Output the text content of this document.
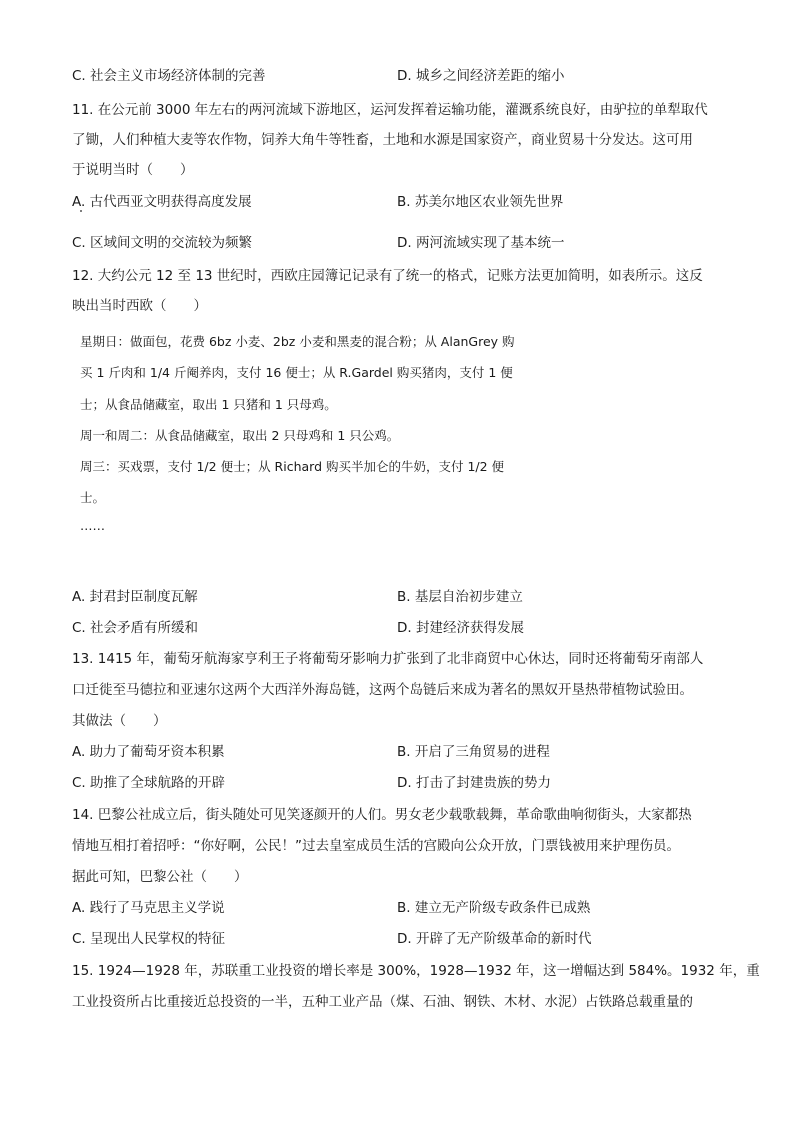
C. 社会主义市场经济体制的完善	D. 城乡之间经济差距的缩小
11. 在公元前 3000 年左右的两河流域下游地区，运河发挥着运输功能，灌溉系统良好，由驴拉的单犁取代
了锄，人们种植大麦等农作物，饲养大角牛等牲畜，土地和水源是国家资产，商业贸易十分发达。这可用
于说明当时（　　）
A. 古代西亚文明获得高度发展	B. 苏美尔地区农业领先世界
C. 区域间文明的交流较为频繁	D. 两河流域实现了基本统一
12. 大约公元 12 至 13 世纪时，西欧庄园簿记记录有了统一的格式，记账方法更加简明，如表所示。这反
映出当时西欧（　　）
星期日：做面包，花费 6bz 小麦、2bz 小麦和黑麦的混合粉；从 AlanGrey 购
买 1 斤肉和 1/4 斤阉养肉，支付 16 便士；从 R.Gardel 购买猪肉，支付 1 便
士；从食品储藏室，取出 1 只猪和 1 只母鸡。
周一和周二：从食品储藏室，取出 2 只母鸡和 1 只公鸡。
周三：买戏票，支付 1/2 便士；从 Richard 购买半加仑的牛奶，支付 1/2 便
士。
……
A. 封君封臣制度瓦解	B. 基层自治初步建立
C. 社会矛盾有所缓和	D. 封建经济获得发展
13. 1415 年，葡萄牙航海家亨利王子将葡萄牙影响力扩张到了北非商贸中心休达，同时还将葡萄牙南部人
口迁徙至马德拉和亚速尔这两个大西洋外海岛链，这两个岛链后来成为著名的黑奴开垦热带植物试验田。
其做法（　　）
A. 助力了葡萄牙资本积累	B. 开启了三角贸易的进程
C. 助推了全球航路的开辟	D. 打击了封建贵族的势力
14. 巴黎公社成立后，街头随处可见笑逐颜开的人们。男女老少载歌载舞，革命歌曲响彻街头，大家都热
情地互相打着招呼：“你好啊，公民！”过去皇室成员生活的宫殿向公众开放，门票钱被用来护理伤员。
据此可知，巴黎公社（　　）
A. 践行了马克思主义学说	B. 建立无产阶级专政条件已成熟
C. 呈现出人民掌权的特征	D. 开辟了无产阶级革命的新时代
15. 1924—1928 年，苏联重工业投资的增长率是 300%，1928—1932 年，这一增幅达到 584%。1932 年，重
工业投资所占比重接近总投资的一半，五种工业产品（煤、石油、钢铁、木材、水泥）占铁路总载重量的
